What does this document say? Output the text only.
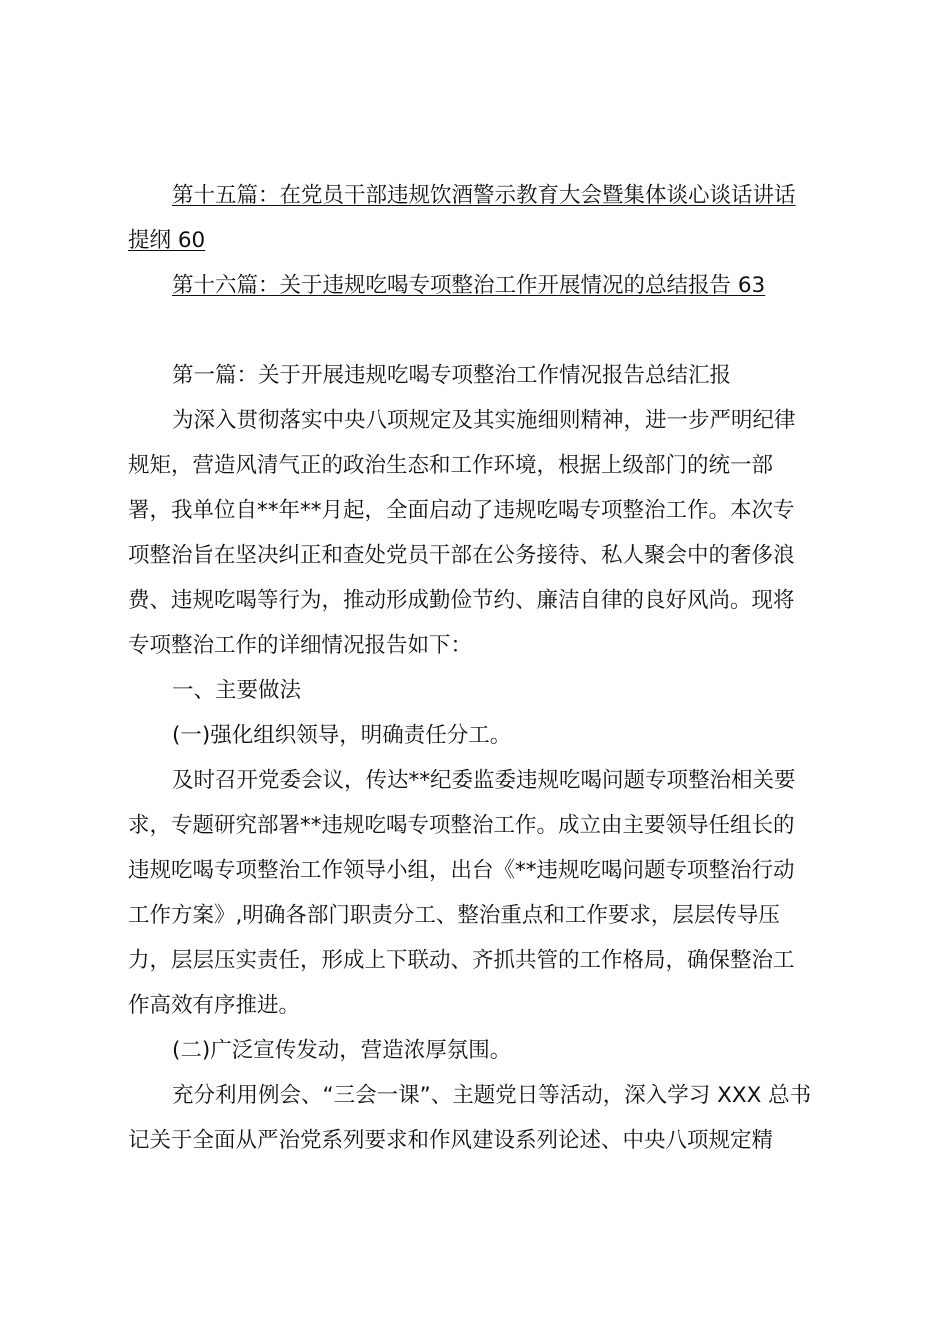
第十五篇：在党员干部违规饮酒警示教育大会暨集体谈心谈话讲话
提纲 60
第十六篇：关于违规吃喝专项整治工作开展情况的总结报告 63
第一篇：关于开展违规吃喝专项整治工作情况报告总结汇报
为深入贯彻落实中央八项规定及其实施细则精神，进一步严明纪律
规矩，营造风清气正的政治生态和工作环境，根据上级部门的统一部
署，我单位自**年**月起，全面启动了违规吃喝专项整治工作。本次专
项整治旨在坚决纠正和查处党员干部在公务接待、私人聚会中的奢侈浪
费、违规吃喝等行为，推动形成勤俭节约、廉洁自律的良好风尚。现将
专项整治工作的详细情况报告如下：
一、主要做法
(一)强化组织领导，明确责任分工。
及时召开党委会议，传达**纪委监委违规吃喝问题专项整治相关要
求，专题研究部署**违规吃喝专项整治工作。成立由主要领导任组长的
违规吃喝专项整治工作领导小组，出台《**违规吃喝问题专项整治行动
工作方案》,明确各部门职责分工、整治重点和工作要求，层层传导压
力，层层压实责任，形成上下联动、齐抓共管的工作格局，确保整治工
作高效有序推进。
(二)广泛宣传发动，营造浓厚氛围。
充分利用例会、“三会一课”、主题党日等活动，深入学习 XXX 总书
记关于全面从严治党系列要求和作风建设系列论述、中央八项规定精
